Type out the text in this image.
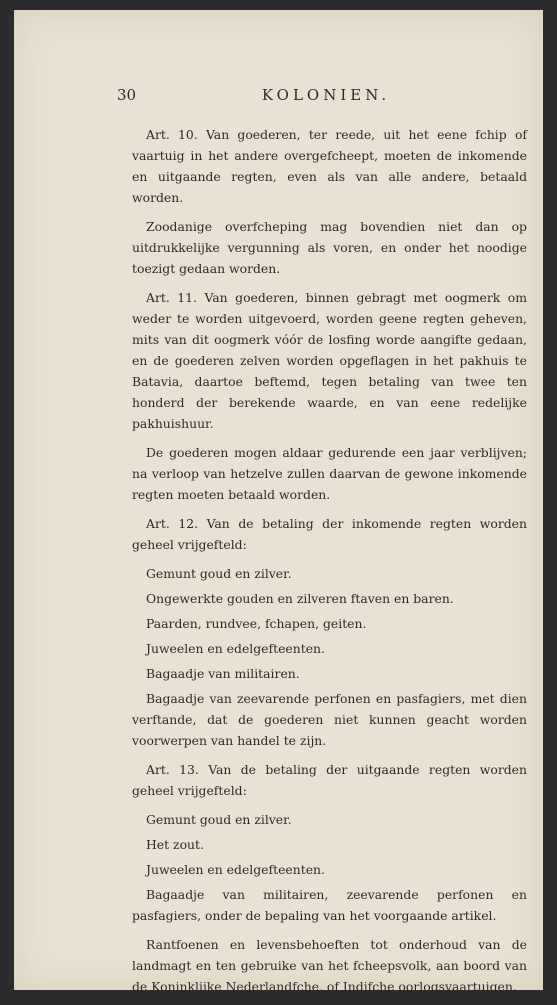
30	KOLONIEN.

Art. 10. Van goederen, ter reede, uit het eene fchip of vaartuig in het andere overgefcheept, moeten de inkomende en uitgaande regten, even als van alle andere, betaald worden.

Zoodanige overfcheping mag bovendien niet dan op uitdrukkelijke vergunning als voren, en onder het noodige toezigt gedaan worden.

Art. 11. Van goederen, binnen gebragt met oogmerk om weder te worden uitgevoerd, worden geene regten geheven, mits van dit oogmerk vóór de losfing worde aangifte gedaan, en de goederen zelven worden opgeflagen in het pakhuis te Batavia, daartoe beftemd, tegen betaling van twee ten honderd der berekende waarde, en van eene redelijke pakhuishuur.

De goederen mogen aldaar gedurende een jaar verblijven; na verloop van hetzelve zullen daarvan de gewone inkomende regten moeten betaald worden.

Art. 12. Van de betaling der inkomende regten worden geheel vrijgefteld:

Gemunt goud en zilver.

Ongewerkte gouden en zilveren ftaven en baren.

Paarden, rundvee, fchapen, geiten.

Juweelen en edelgefteenten.

Bagaadje van militairen.

Bagaadje van zeevarende perfonen en pasfagiers, met dien verftande, dat de goederen niet kunnen geacht worden voorwerpen van handel te zijn.

Art. 13. Van de betaling der uitgaande regten worden geheel vrijgefteld:

Gemunt goud en zilver.

Het zout.

Juweelen en edelgefteenten.

Bagaadje van militairen, zeevarende perfonen en pasfagiers, onder de bepaling van het voorgaande artikel.

Rantfoenen en levensbehoeften tot onderhoud van de landmagt en ten gebruike van het fcheepsvolk, aan boord van de Koninklijke Nederlandfche, of Indifche oorlogsvaartuigen.
